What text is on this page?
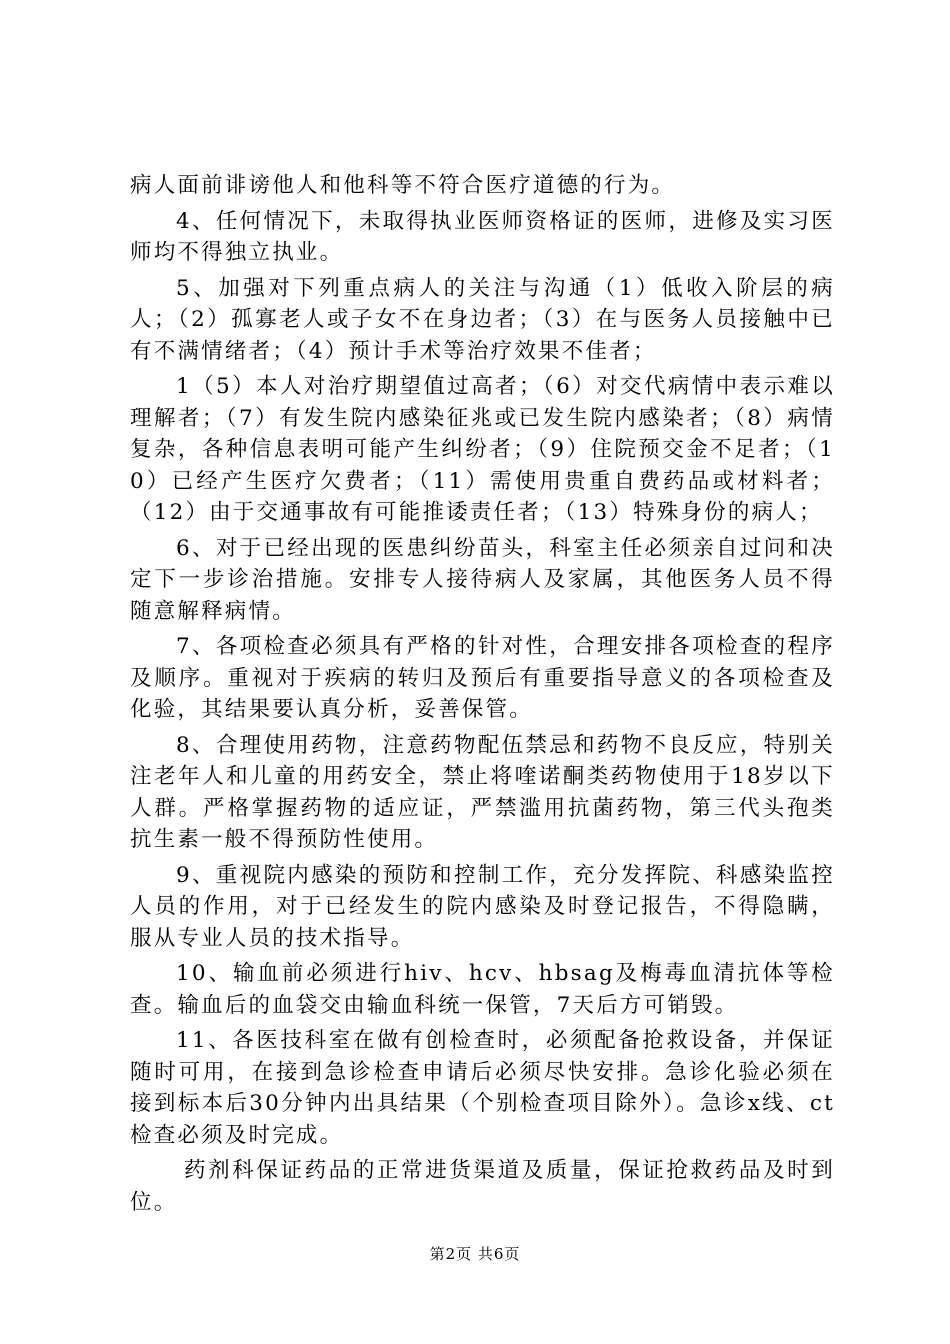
病人面前诽谤他人和他科等不符合医疗道德的行为。

4、任何情况下，未取得执业医师资格证的医师，进修及实习医师均不得独立执业。

5、加强对下列重点病人的关注与沟通（1）低收入阶层的病人；（2）孤寡老人或子女不在身边者；（3）在与医务人员接触中已有不满情绪者；（4）预计手术等治疗效果不佳者；

1（5）本人对治疗期望值过高者；（6）对交代病情中表示难以理解者；（7）有发生院内感染征兆或已发生院内感染者；（8）病情复杂，各种信息表明可能产生纠纷者；（9）住院预交金不足者；（10）已经产生医疗欠费者；（11）需使用贵重自费药品或材料者；（12）由于交通事故有可能推诿责任者；（13）特殊身份的病人；

6、对于已经出现的医患纠纷苗头，科室主任必须亲自过问和决定下一步诊治措施。安排专人接待病人及家属，其他医务人员不得随意解释病情。

7、各项检查必须具有严格的针对性，合理安排各项检查的程序及顺序。重视对于疾病的转归及预后有重要指导意义的各项检查及化验，其结果要认真分析，妥善保管。

8、合理使用药物，注意药物配伍禁忌和药物不良反应，特别关注老年人和儿童的用药安全，禁止将喹诺酮类药物使用于18岁以下人群。严格掌握药物的适应证，严禁滥用抗菌药物，第三代头孢类抗生素一般不得预防性使用。

9、重视院内感染的预防和控制工作，充分发挥院、科感染监控人员的作用，对于已经发生的院内感染及时登记报告，不得隐瞒，服从专业人员的技术指导。

10、输血前必须进行hiv、hcv、hbsag及梅毒血清抗体等检查。输血后的血袋交由输血科统一保管，7天后方可销毁。

11、各医技科室在做有创检查时，必须配备抢救设备，并保证随时可用，在接到急诊检查申请后必须尽快安排。急诊化验必须在接到标本后30分钟内出具结果（个别检查项目除外）。急诊x线、ct检查必须及时完成。

药剂科保证药品的正常进货渠道及质量，保证抢救药品及时到位。

第2页 共6页
